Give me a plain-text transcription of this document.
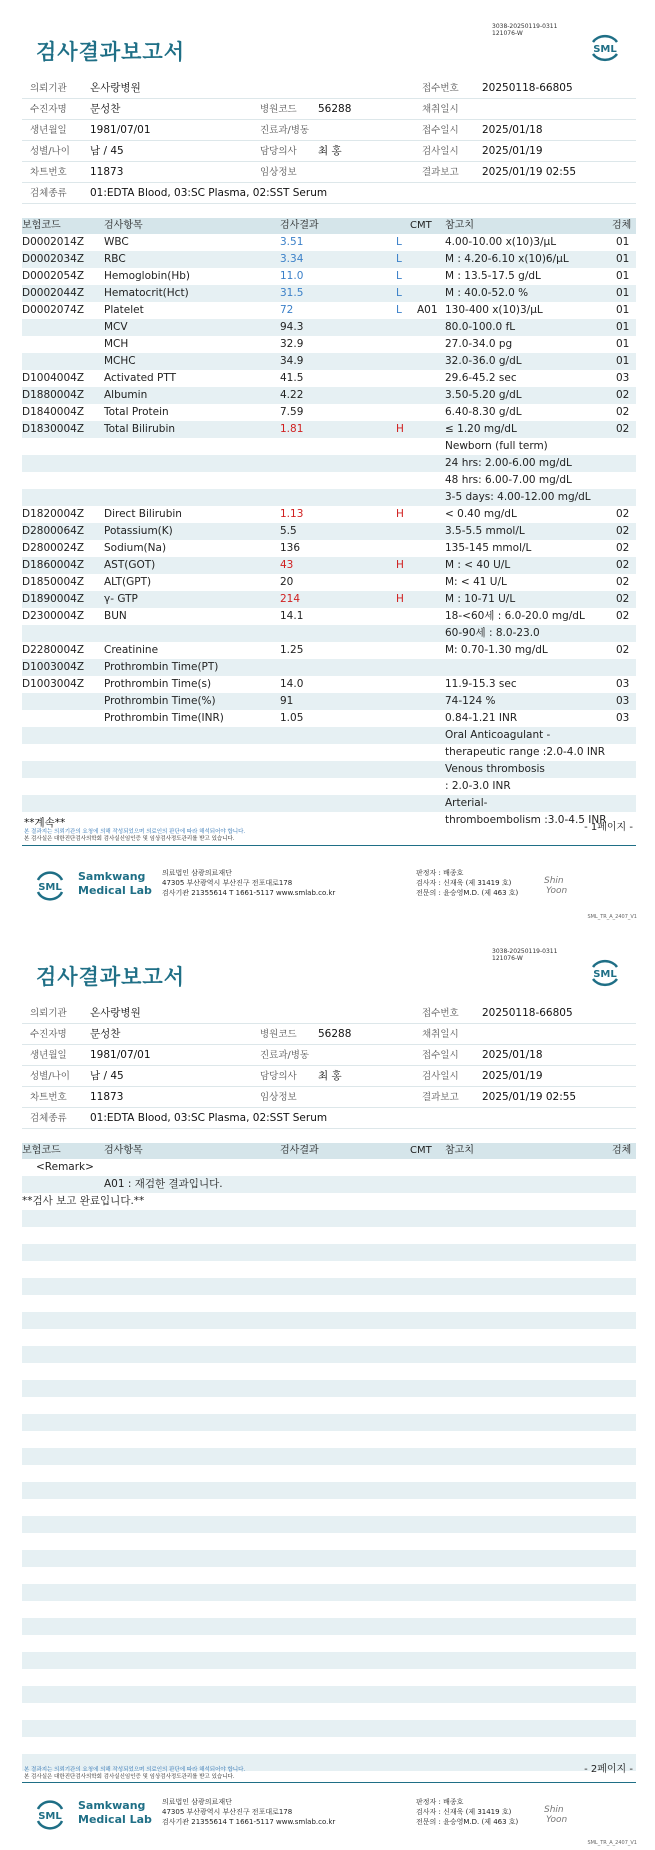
3038-20250119-0311
121076-W
검사결과보고서	SML
의뢰기관 온사랑병원	접수번호 20250118-66805
수진자명 문성찬	병원코드 56288	채취일시
생년월일 1981/07/01	진료과/병동	접수일시 2025/01/18
성별/나이 남 / 45	담당의사 최 홍	검사일시 2025/01/19
차트번호 11873	임상정보	결과보고 2025/01/19 02:55
검체종류 01:EDTA Blood, 03:SC Plasma, 02:SST Serum
보험코드	검사항목	검사결과	CMT 참고치	검체
D0002014Z WBC	3.51	L	4.00-10.00 x(10)3/μL	01
D0002034Z RBC	3.34	L	M : 4.20-6.10 x(10)6/μL	01
D0002054Z Hemoglobin(Hb)	11.0	L	M : 13.5-17.5 g/dL	01
D0002044Z Hematocrit(Hct)	31.5	L	M : 40.0-52.0 %	01
D0002074Z Platelet	72	L A01 130-400 x(10)3/μL	01
MCV	94.3	80.0-100.0 fL	01
MCH	32.9	27.0-34.0 pg	01
MCHC	34.9	32.0-36.0 g/dL	01
D1004004Z Activated PTT	41.5	29.6-45.2 sec	03
D1880004Z Albumin	4.22	3.50-5.20 g/dL	02
D1840004Z Total Protein	7.59	6.40-8.30 g/dL	02
D1830004Z Total Bilirubin	1.81	H	≤ 1.20 mg/dL	02
Newborn (full term)
24 hrs: 2.00-6.00 mg/dL
48 hrs: 6.00-7.00 mg/dL
3-5 days: 4.00-12.00 mg/dL
D1820004Z Direct Bilirubin	1.13	H	< 0.40 mg/dL	02
D2800064Z Potassium(K)	5.5	3.5-5.5 mmol/L	02
D2800024Z Sodium(Na)	136	135-145 mmol/L	02
D1860004Z AST(GOT)	43	H	M : < 40 U/L	02
D1850004Z ALT(GPT)	20	M: < 41 U/L	02
D1890004Z γ- GTP	214	H	M : 10-71 U/L	02
D2300004Z BUN	14.1	18-<60세 : 6.0-20.0 mg/dL	02
60-90세 : 8.0-23.0
D2280004Z Creatinine	1.25	M: 0.70-1.30 mg/dL	02
D1003004Z Prothrombin Time(PT)
D1003004Z Prothrombin Time(s)	14.0	11.9-15.3 sec	03
Prothrombin Time(%)	91	74-124 %	03
Prothrombin Time(INR)	1.05	0.84-1.21 INR	03
Oral Anticoagulant -
therapeutic range :2.0-4.0 INR
Venous thrombosis
: 2.0-3.0 INR
Arterial-
thromboembolism :3.0-4.5 INR
**계속**	- 1페이지 -
본 결과지는 의뢰기관의 요청에 의해 작성되었으며 의료인의 판단에 따라 해석되어야 합니다.
본 검사실은 대한진단검사의학회 검사실신임인증 및 임상검사정도관리를 받고 있습니다.
SML
Samkwang
Medical Lab
의료법인 삼광의료재단
47305 부산광역시 부산진구 전포대로178
검사기관 21355614 T 1661-5117 www.smlab.co.kr
판정자 : 배종호
검사자 : 신재욱 (제 31419 호)
전문의 : 윤승영M.D. (제 463 호)
Shin
Yoon
SML_TR_A_2407_V1
3038-20250119-0311
121076-W
검사결과보고서	SML
의뢰기관 온사랑병원	접수번호 20250118-66805
수진자명 문성찬	병원코드 56288	채취일시
생년월일 1981/07/01	진료과/병동	접수일시 2025/01/18
성별/나이 남 / 45	담당의사 최 홍	검사일시 2025/01/19
차트번호 11873	임상정보	결과보고 2025/01/19 02:55
검체종류 01:EDTA Blood, 03:SC Plasma, 02:SST Serum
보험코드	검사항목	검사결과	CMT 참고치	검체
<Remark>
A01 : 재검한 결과입니다.
**검사 보고 완료입니다.**
- 2페이지 -
본 결과지는 의뢰기관의 요청에 의해 작성되었으며 의료인의 판단에 따라 해석되어야 합니다.
본 검사실은 대한진단검사의학회 검사실신임인증 및 임상검사정도관리를 받고 있습니다.
SML
Samkwang
Medical Lab
의료법인 삼광의료재단
47305 부산광역시 부산진구 전포대로178
검사기관 21355614 T 1661-5117 www.smlab.co.kr
판정자 : 배종호
검사자 : 신재욱 (제 31419 호)
전문의 : 윤승영M.D. (제 463 호)
Shin
Yoon
SML_TR_A_2407_V1
